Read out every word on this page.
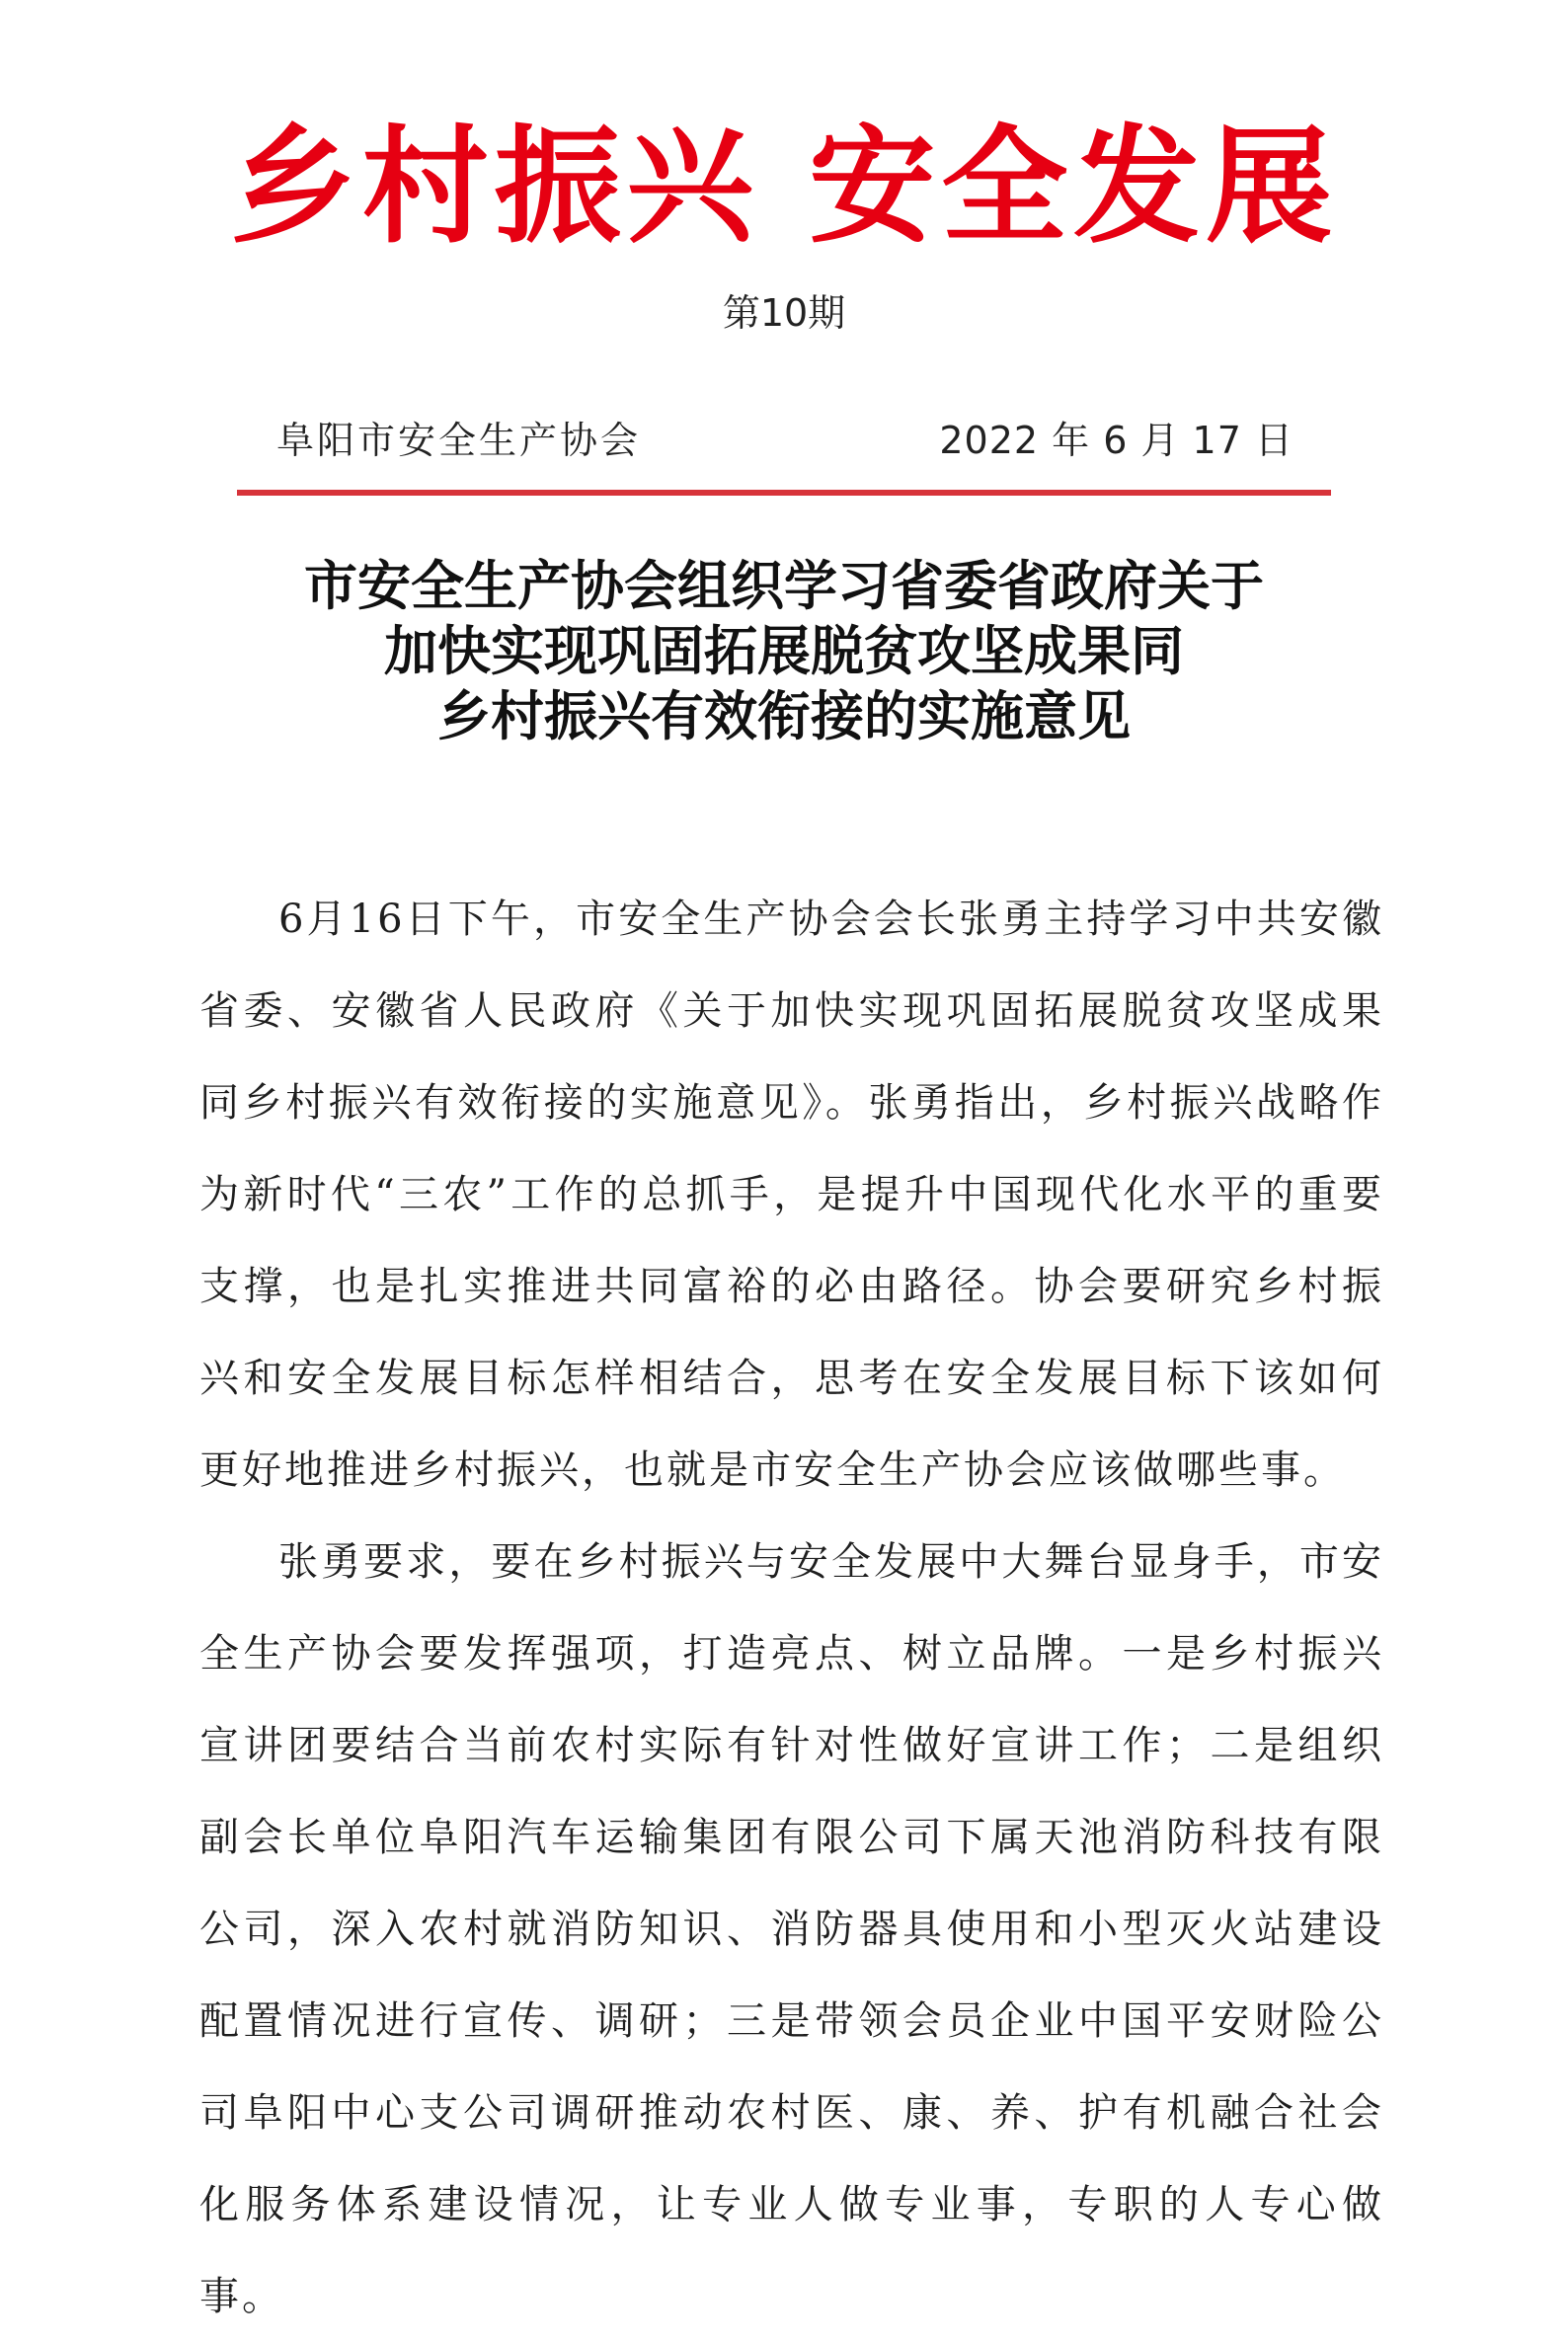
乡村振兴 安全发展
第10期
阜阳市安全生产协会	2022 年 6 月 17 日
市安全生产协会组织学习省委省政府关于
加快实现巩固拓展脱贫攻坚成果同
乡村振兴有效衔接的实施意见

6月16日下午，市安全生产协会会长张勇主持学习中共安徽省委、安徽省人民政府《关于加快实现巩固拓展脱贫攻坚成果同乡村振兴有效衔接的实施意见》。张勇指出，乡村振兴战略作为新时代“三农”工作的总抓手，是提升中国现代化水平的重要支撑，也是扎实推进共同富裕的必由路径。协会要研究乡村振兴和安全发展目标怎样相结合，思考在安全发展目标下该如何更好地推进乡村振兴，也就是市安全生产协会应该做哪些事。

张勇要求，要在乡村振兴与安全发展中大舞台显身手，市安全生产协会要发挥强项，打造亮点、树立品牌。一是乡村振兴宣讲团要结合当前农村实际有针对性做好宣讲工作；二是组织副会长单位阜阳汽车运输集团有限公司下属天池消防科技有限公司，深入农村就消防知识、消防器具使用和小型灭火站建设配置情况进行宣传、调研；三是带领会员企业中国平安财险公司阜阳中心支公司调研推动农村医、康、养、护有机融合社会化服务体系建设情况，让专业人做专业事，专职的人专心做事。
